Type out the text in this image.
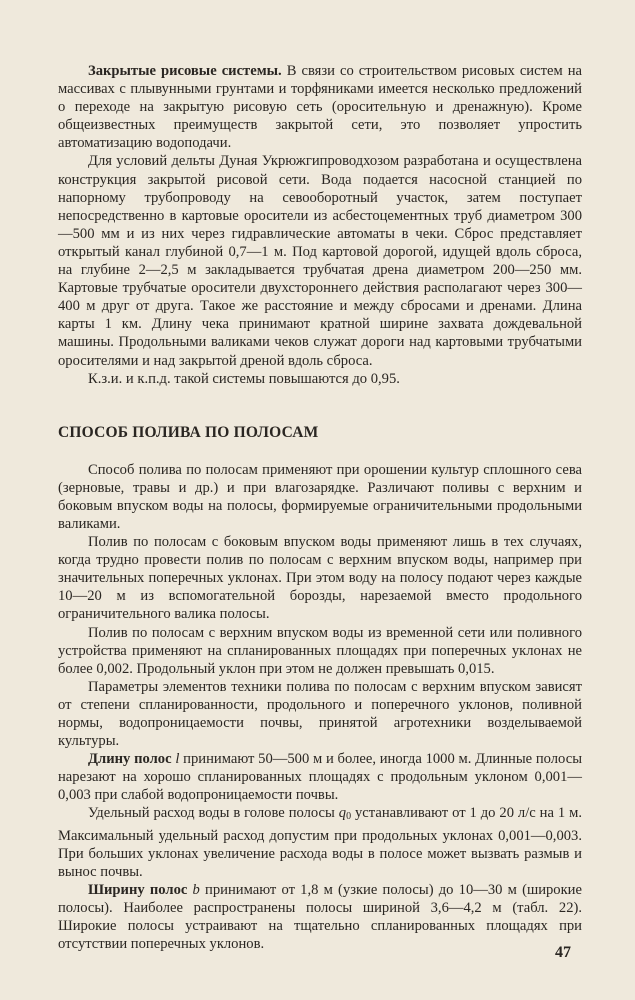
Закрытые рисовые системы. В связи со строительством рисовых систем на массивах с плывунными грунтами и торфяниками имеется несколько предложений о переходе на закрытую рисовую сеть (оросительную и дренажную). Кроме общеизвестных преимуществ закрытой сети, это позволяет упростить автоматизацию водоподачи.

Для условий дельты Дуная Укрюжгипроводхозом разработана и осуществлена конструкция закрытой рисовой сети. Вода подается насосной станцией по напорному трубопроводу на севооборотный участок, затем поступает непосредственно в картовые оросители из асбестоцементных труб диаметром 300—500 мм и из них через гидравлические автоматы в чеки. Сброс представляет открытый канал глубиной 0,7—1 м. Под картовой дорогой, идущей вдоль сброса, на глубине 2—2,5 м закладывается трубчатая дрена диаметром 200—250 мм. Картовые трубчатые оросители двухстороннего действия располагают через 300—400 м друг от друга. Такое же расстояние и между сбросами и дренами. Длина карты 1 км. Длину чека принимают кратной ширине захвата дождевальной машины. Продольными валиками чеков служат дороги над картовыми трубчатыми оросителями и над закрытой дреной вдоль сброса.

К.з.и. и к.п.д. такой системы повышаются до 0,95.

СПОСОБ ПОЛИВА ПО ПОЛОСАМ

Способ полива по полосам применяют при орошении культур сплошного сева (зерновые, травы и др.) и при влагозарядке. Различают поливы с верхним и боковым впуском воды на полосы, формируемые ограничительными продольными валиками.

Полив по полосам с боковым впуском воды применяют лишь в тех случаях, когда трудно провести полив по полосам с верхним впуском воды, например при значительных поперечных уклонах. При этом воду на полосу подают через каждые 10—20 м из вспомогательной борозды, нарезаемой вместо продольного ограничительного валика полосы.

Полив по полосам с верхним впуском воды из временной сети или поливного устройства применяют на спланированных площадях при поперечных уклонах не более 0,002. Продольный уклон при этом не должен превышать 0,015.

Параметры элементов техники полива по полосам с верхним впуском зависят от степени спланированности, продольного и поперечного уклонов, поливной нормы, водопроницаемости почвы, принятой агротехники возделываемой культуры.

Длину полос l принимают 50—500 м и более, иногда 1000 м. Длинные полосы нарезают на хорошо спланированных площадях с продольным уклоном 0,001—0,003 при слабой водопроницаемости почвы.

Удельный расход воды в голове полосы $q_0$ устанавливают от 1 до 20 л/с на 1 м. Максимальный удельный расход допустим при продольных уклонах 0,001—0,003. При больших уклонах увеличение расхода воды в полосе может вызвать размыв и вынос почвы.

Ширину полос b принимают от 1,8 м (узкие полосы) до 10—30 м (широкие полосы). Наиболее распространены полосы шириной 3,6—4,2 м (табл. 22). Широкие полосы устраивают на тщательно спланированных площадях при отсутствии поперечных уклонов.	47
